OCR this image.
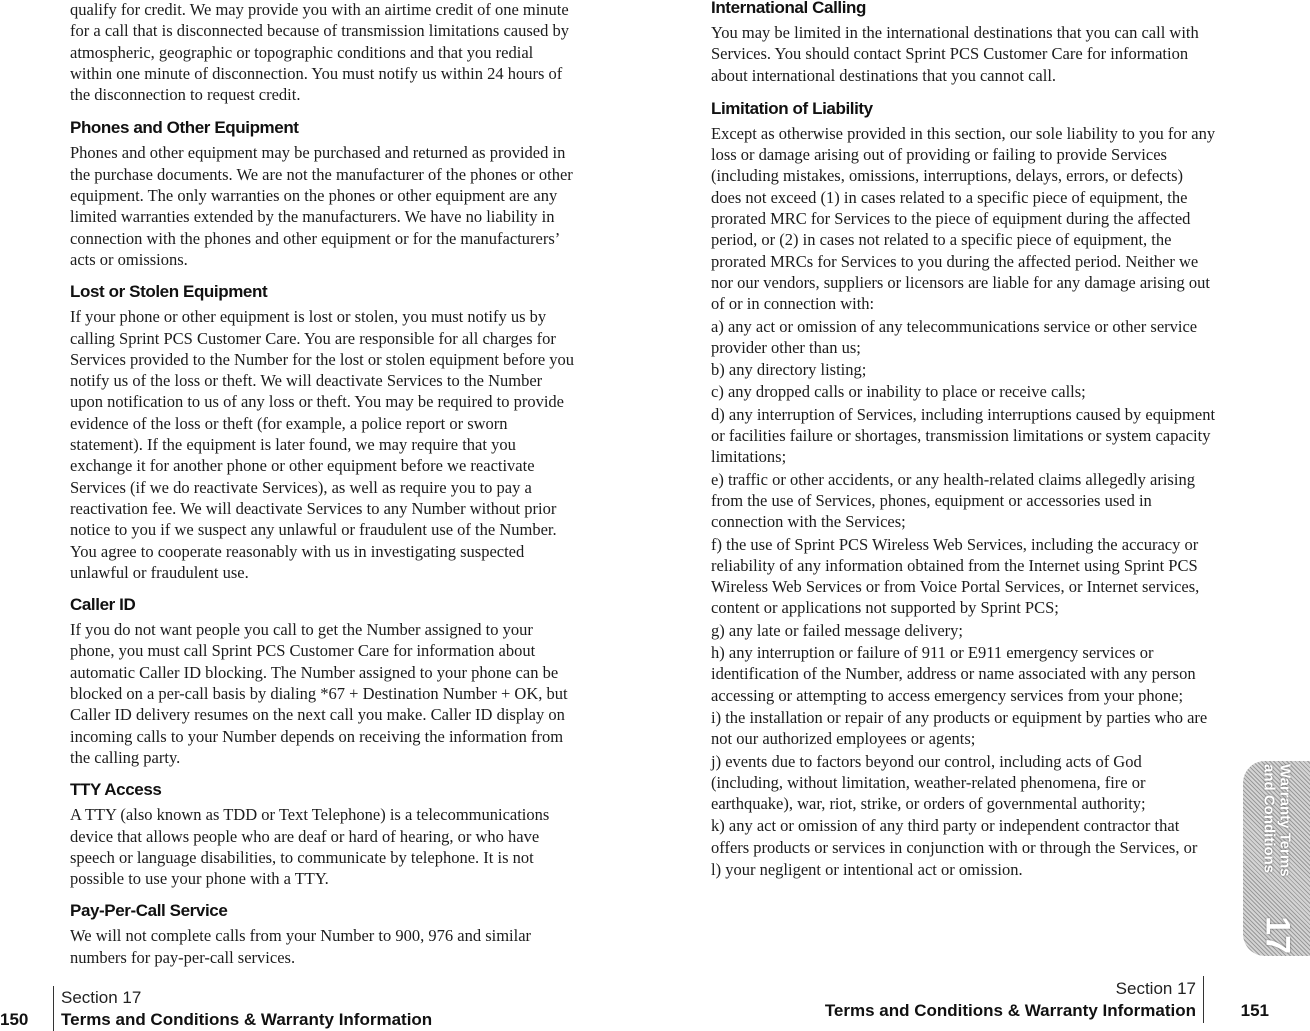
qualify for credit. We may provide you with an airtime credit of one minute for a call that is disconnected because of transmission limitations caused by atmospheric, geographic or topographic conditions and that you redial within one minute of disconnection. You must notify us within 24 hours of the disconnection to request credit.

Phones and Other Equipment

Phones and other equipment may be purchased and returned as provided in the purchase documents. We are not the manufacturer of the phones or other equipment. The only warranties on the phones or other equipment are any limited warranties extended by the manufacturers. We have no liability in connection with the phones and other equipment or for the manufacturers’ acts or omissions.

Lost or Stolen Equipment

If your phone or other equipment is lost or stolen, you must notify us by calling Sprint PCS Customer Care. You are responsible for all charges for Services provided to the Number for the lost or stolen equipment before you notify us of the loss or theft. We will deactivate Services to the Number upon notification to us of any loss or theft. You may be required to provide evidence of the loss or theft (for example, a police report or sworn statement). If the equipment is later found, we may require that you exchange it for another phone or other equipment before we reactivate Services (if we do reactivate Services), as well as require you to pay a reactivation fee. We will deactivate Services to any Number without prior notice to you if we suspect any unlawful or fraudulent use of the Number. You agree to cooperate reasonably with us in investigating suspected unlawful or fraudulent use.

Caller ID

If you do not want people you call to get the Number assigned to your phone, you must call Sprint PCS Customer Care for information about automatic Caller ID blocking. The Number assigned to your phone can be blocked on a per-call basis by dialing *67 + Destination Number + OK, but Caller ID delivery resumes on the next call you make. Caller ID display on incoming calls to your Number depends on receiving the information from the calling party.

TTY Access

A TTY (also known as TDD or Text Telephone) is a telecommunications device that allows people who are deaf or hard of hearing, or who have speech or language disabilities, to communicate by telephone. It is not possible to use your phone with a TTY.

Pay-Per-Call Service

We will not complete calls from your Number to 900, 976 and similar numbers for pay-per-call services.

150
Section 17
Terms and Conditions & Warranty Information
International Calling

You may be limited in the international destinations that you can call with Services. You should contact Sprint PCS Customer Care for information about international destinations that you cannot call.

Limitation of Liability

Except as otherwise provided in this section, our sole liability to you for any loss or damage arising out of providing or failing to provide Services (including mistakes, omissions, interruptions, delays, errors, or defects) does not exceed (1) in cases related to a specific piece of equipment, the prorated MRC for Services to the piece of equipment during the affected period, or (2) in cases not related to a specific piece of equipment, the prorated MRCs for Services to you during the affected period. Neither we nor our vendors, suppliers or licensors are liable for any damage arising out of or in connection with:

a) any act or omission of any telecommunications service or other service provider other than us;

b) any directory listing;

c) any dropped calls or inability to place or receive calls;

d) any interruption of Services, including interruptions caused by equipment or facilities failure or shortages, transmission limitations or system capacity limitations;

e) traffic or other accidents, or any health-related claims allegedly arising from the use of Services, phones, equipment or accessories used in connection with the Services;

f) the use of Sprint PCS Wireless Web Services, including the accuracy or reliability of any information obtained from the Internet using Sprint PCS Wireless Web Services or from Voice Portal Services, or Internet services, content or applications not supported by Sprint PCS;

g) any late or failed message delivery;

h) any interruption or failure of 911 or E911 emergency services or identification of the Number, address or name associated with any person accessing or attempting to access emergency services from your phone;

i) the installation or repair of any products or equipment by parties who are not our authorized employees or agents;

j) events due to factors beyond our control, including acts of God (including, without limitation, weather-related phenomena, fire or earthquake), war, riot, strike, or orders of governmental authority;

k) any act or omission of any third party or independent contractor that offers products or services in conjunction with or through the Services, or

l) your negligent or intentional act or omission.

Section 17
Terms and Conditions & Warranty Information	151
Warranty Terms and Conditions
17
